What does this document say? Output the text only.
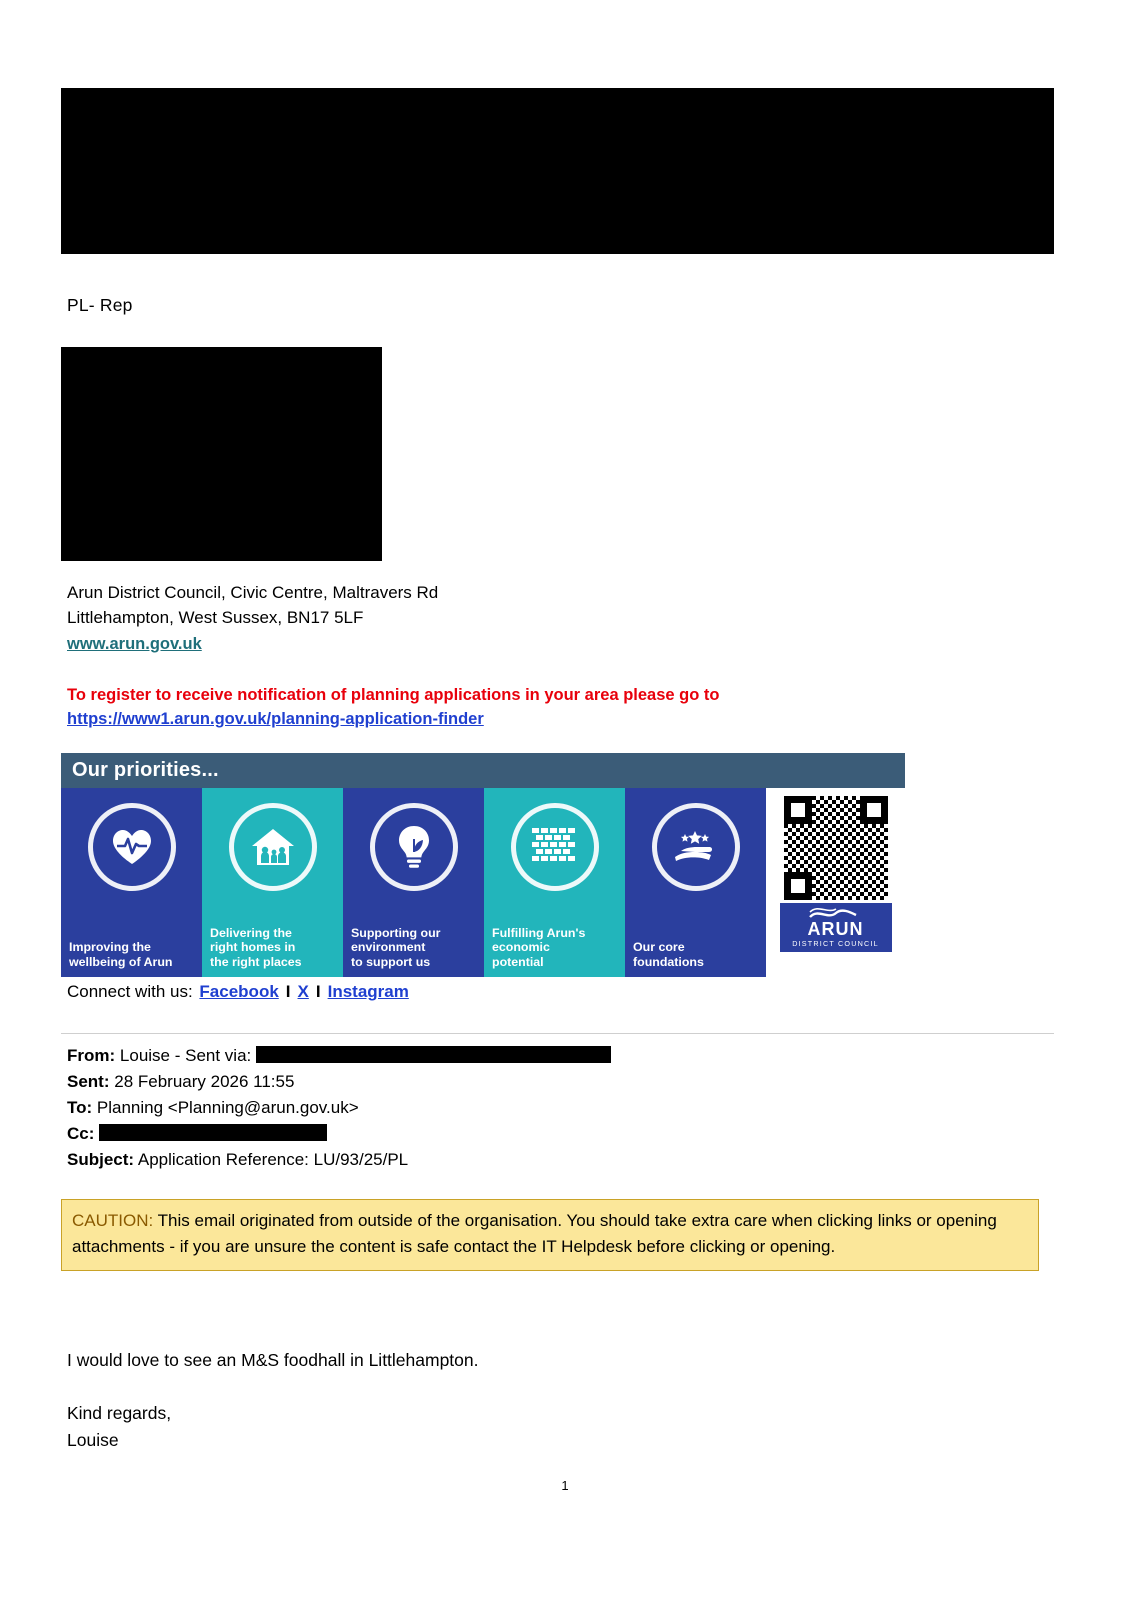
PL- Rep
Arun District Council, Civic Centre, Maltravers Rd
Littlehampton, West Sussex, BN17 5LF
www.arun.gov.uk
To register to receive notification of planning applications in your area please go to
https://www1.arun.gov.uk/planning-application-finder
Our priorities...
Improving the
wellbeing of Arun
Delivering the
right homes in
the right places
Supporting our
environment
to support us
Fulfilling Arun's
economic
potential
Our core
foundations
ARUN
DISTRICT COUNCIL
Connect with us: Facebook I X I Instagram
From: Louise - Sent via:
Sent: 28 February 2026 11:55
To: Planning <Planning@arun.gov.uk>
Cc:
Subject: Application Reference: LU/93/25/PL
CAUTION: This email originated from outside of the organisation. You should take extra care when clicking links or opening attachments - if you are unsure the content is safe contact the IT Helpdesk before clicking or opening.
I would love to see an M&S foodhall in Littlehampton.
Kind regards,
Louise
1
